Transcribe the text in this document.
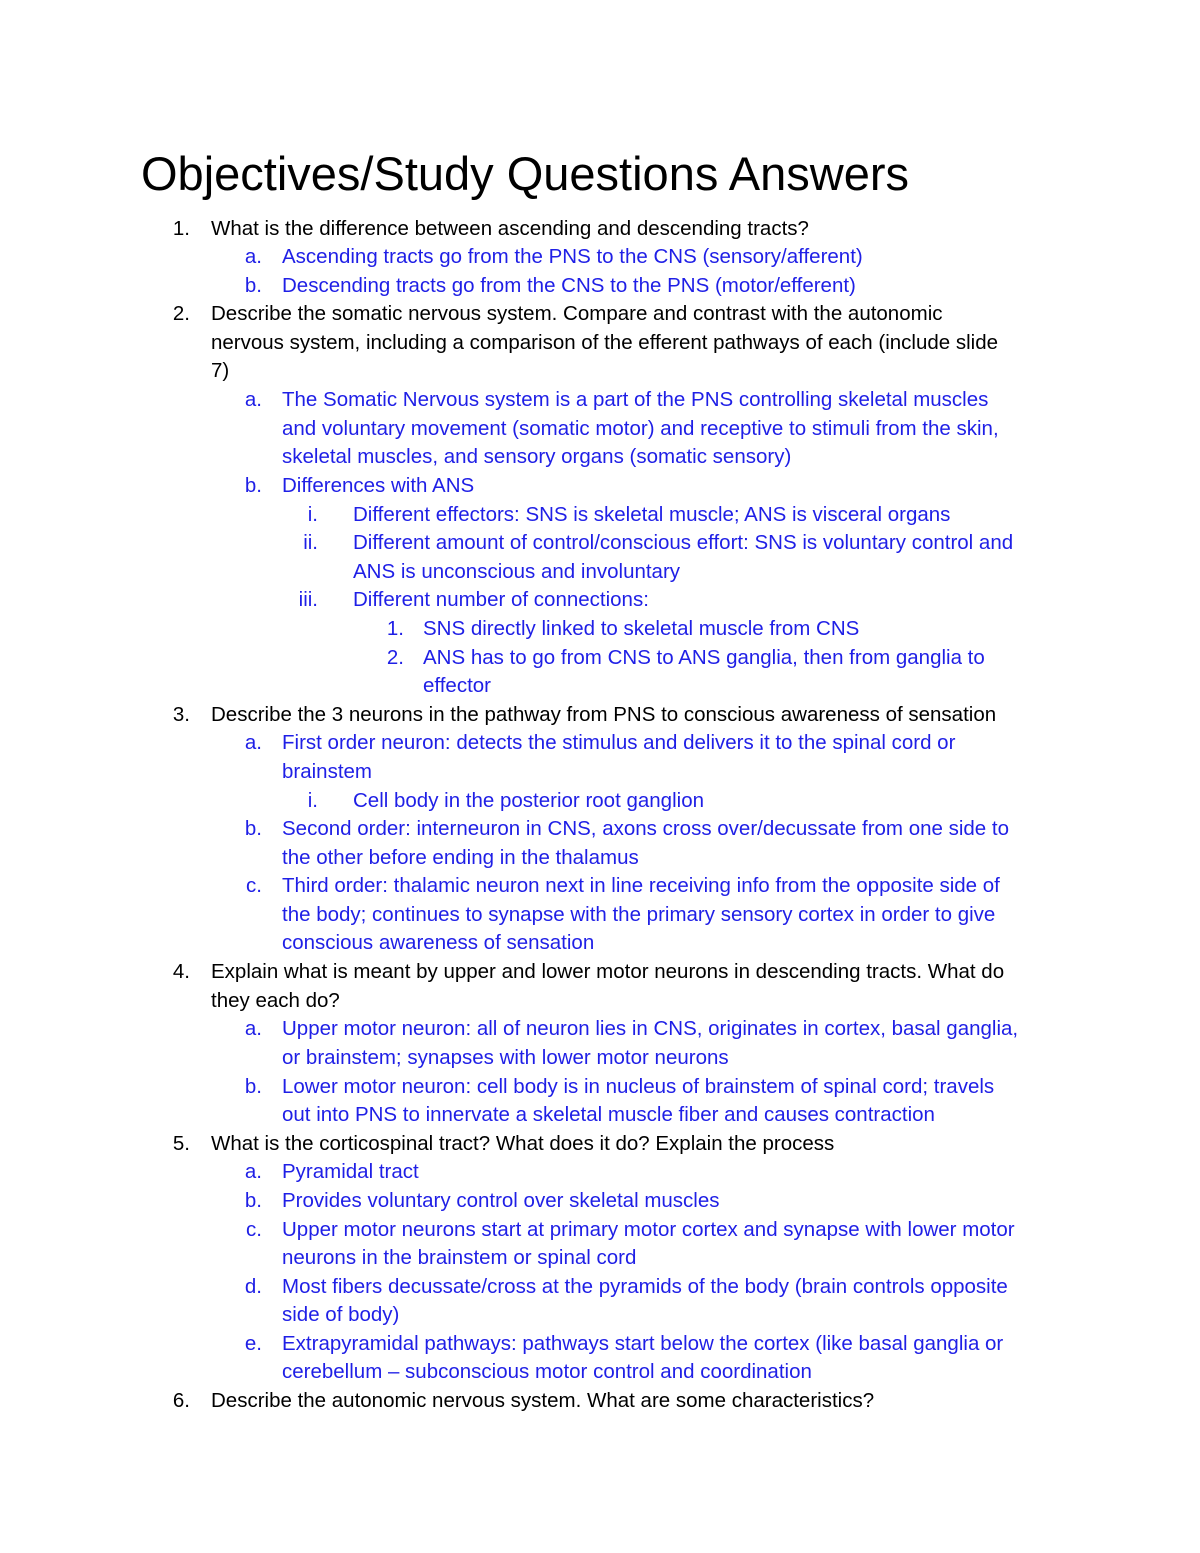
Objectives/Study Questions Answers
1. What is the difference between ascending and descending tracts?
a. Ascending tracts go from the PNS to the CNS (sensory/afferent)
b. Descending tracts go from the CNS to the PNS (motor/efferent)
2. Describe the somatic nervous system. Compare and contrast with the autonomic
nervous system, including a comparison of the efferent pathways of each (include slide
7)
a. The Somatic Nervous system is a part of the PNS controlling skeletal muscles
and voluntary movement (somatic motor) and receptive to stimuli from the skin,
skeletal muscles, and sensory organs (somatic sensory)
b. Differences with ANS
i. Different effectors: SNS is skeletal muscle; ANS is visceral organs
ii. Different amount of control/conscious effort: SNS is voluntary control and
ANS is unconscious and involuntary
iii. Different number of connections:
1. SNS directly linked to skeletal muscle from CNS
2. ANS has to go from CNS to ANS ganglia, then from ganglia to
effector
3. Describe the 3 neurons in the pathway from PNS to conscious awareness of sensation
a. First order neuron: detects the stimulus and delivers it to the spinal cord or
brainstem
i. Cell body in the posterior root ganglion
b. Second order: interneuron in CNS, axons cross over/decussate from one side to
the other before ending in the thalamus
c. Third order: thalamic neuron next in line receiving info from the opposite side of
the body; continues to synapse with the primary sensory cortex in order to give
conscious awareness of sensation
4. Explain what is meant by upper and lower motor neurons in descending tracts. What do
they each do?
a. Upper motor neuron: all of neuron lies in CNS, originates in cortex, basal ganglia,
or brainstem; synapses with lower motor neurons
b. Lower motor neuron: cell body is in nucleus of brainstem of spinal cord; travels
out into PNS to innervate a skeletal muscle fiber and causes contraction
5. What is the corticospinal tract? What does it do? Explain the process
a. Pyramidal tract
b. Provides voluntary control over skeletal muscles
c. Upper motor neurons start at primary motor cortex and synapse with lower motor
neurons in the brainstem or spinal cord
d. Most fibers decussate/cross at the pyramids of the body (brain controls opposite
side of body)
e. Extrapyramidal pathways: pathways start below the cortex (like basal ganglia or
cerebellum – subconscious motor control and coordination
6. Describe the autonomic nervous system. What are some characteristics?
